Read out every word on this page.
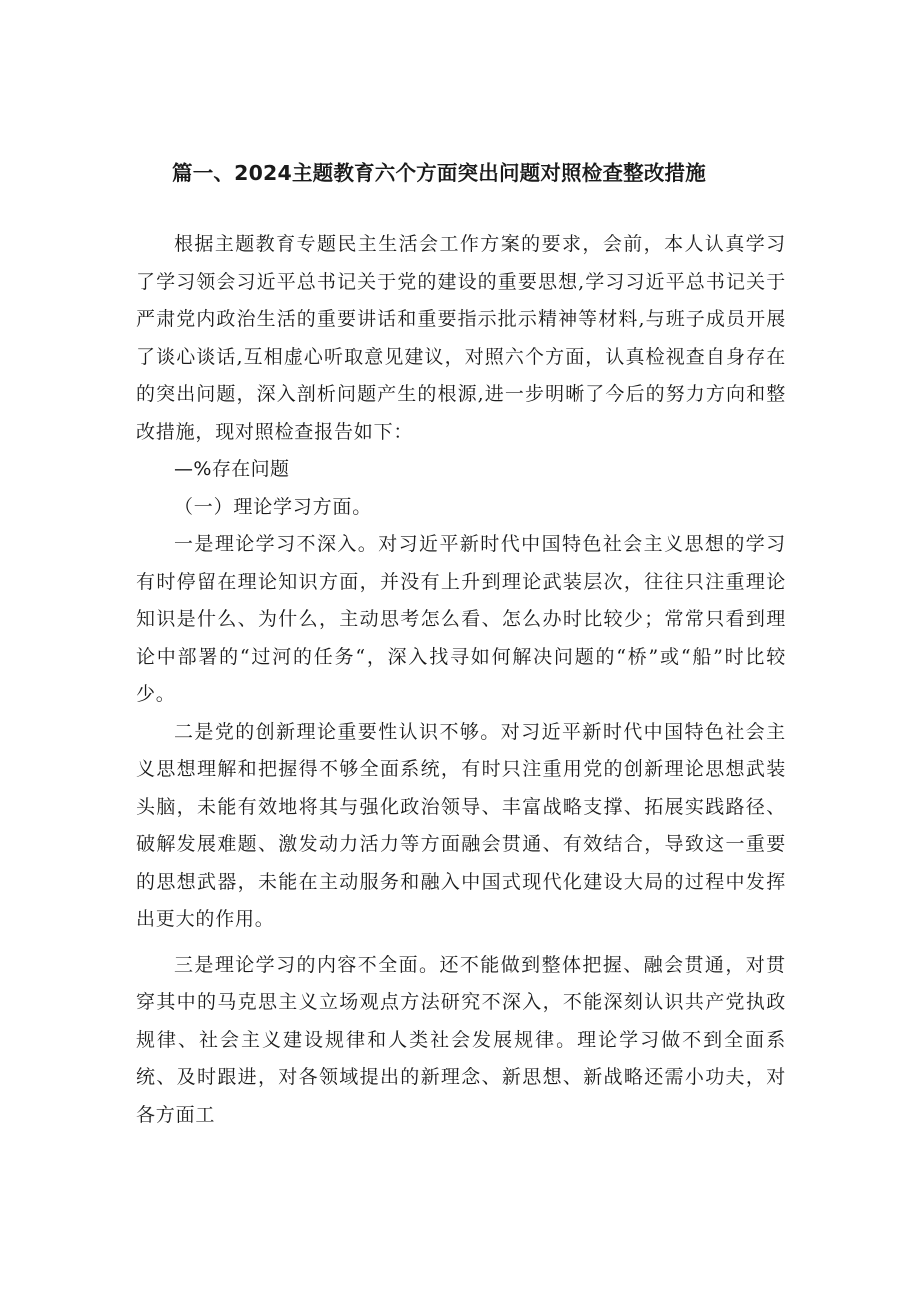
篇一、2024主题教育六个方面突出问题对照检查整改措施

根据主题教育专题民主生活会工作方案的要求，会前，本人认真学习了学习领会习近平总书记关于党的建设的重要思想,学习习近平总书记关于严肃党内政治生活的重要讲话和重要指示批示精神等材料,与班子成员开展了谈心谈话,互相虚心听取意见建议，对照六个方面，认真检视查自身存在的突出问题，深入剖析问题产生的根源,进一步明晰了今后的努力方向和整改措施，现对照检查报告如下：

—%存在问题

（一）理论学习方面。

一是理论学习不深入。对习近平新时代中国特色社会主义思想的学习有时停留在理论知识方面，并没有上升到理论武装层次，往往只注重理论知识是什么、为什么，主动思考怎么看、怎么办时比较少；常常只看到理论中部署的“过河的任务“，深入找寻如何解决问题的“桥”或“船”时比较少。

二是党的创新理论重要性认识不够。对习近平新时代中国特色社会主义思想理解和把握得不够全面系统，有时只注重用党的创新理论思想武装头脑，未能有效地将其与强化政治领导、丰富战略支撑、拓展实践路径、破解发展难题、激发动力活力等方面融会贯通、有效结合，导致这一重要的思想武器，未能在主动服务和融入中国式现代化建设大局的过程中发挥出更大的作用。

三是理论学习的内容不全面。还不能做到整体把握、融会贯通，对贯穿其中的马克思主义立场观点方法研究不深入，不能深刻认识共产党执政规律、社会主义建设规律和人类社会发展规律。理论学习做不到全面系统、及时跟进，对各领域提出的新理念、新思想、新战略还需小功夫，对各方面工
